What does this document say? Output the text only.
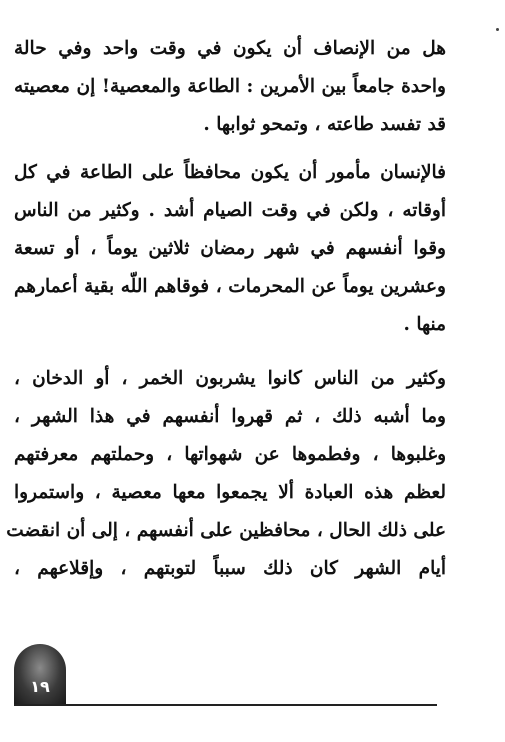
هل من الإنصاف أن يكون في وقت واحد وفي حالة
واحدة جامعاً بين الأمرين : الطاعة والمعصية! إن معصيته
قد تفسد طاعته ، وتمحو ثوابها .

فالإنسان مأمور أن يكون محافظاً على الطاعة في كل
أوقاته ، ولكن في وقت الصيام أشد . وكثير من الناس
وقوا أنفسهم في شهر رمضان ثلاثين يوماً ، أو تسعة
وعشرين يوماً عن المحرمات ، فوقاهم اللّه بقية أعمارهم
منها .

وكثير من الناس كانوا يشربون الخمر ، أو الدخان ،
وما أشبه ذلك ، ثم قهروا أنفسهم في هذا الشهر ،
وغلبوها ، وفطموها عن شهواتها ، وحملتهم معرفتهم
لعظم هذه العبادة ألا يجمعوا معها معصية ، واستمروا
على ذلك الحال ، محافظين على أنفسهم ، إلى أن انقضت
أيام الشهر كان ذلك سبباً لتوبتهم ، وإقلاعهم ،

١٩
